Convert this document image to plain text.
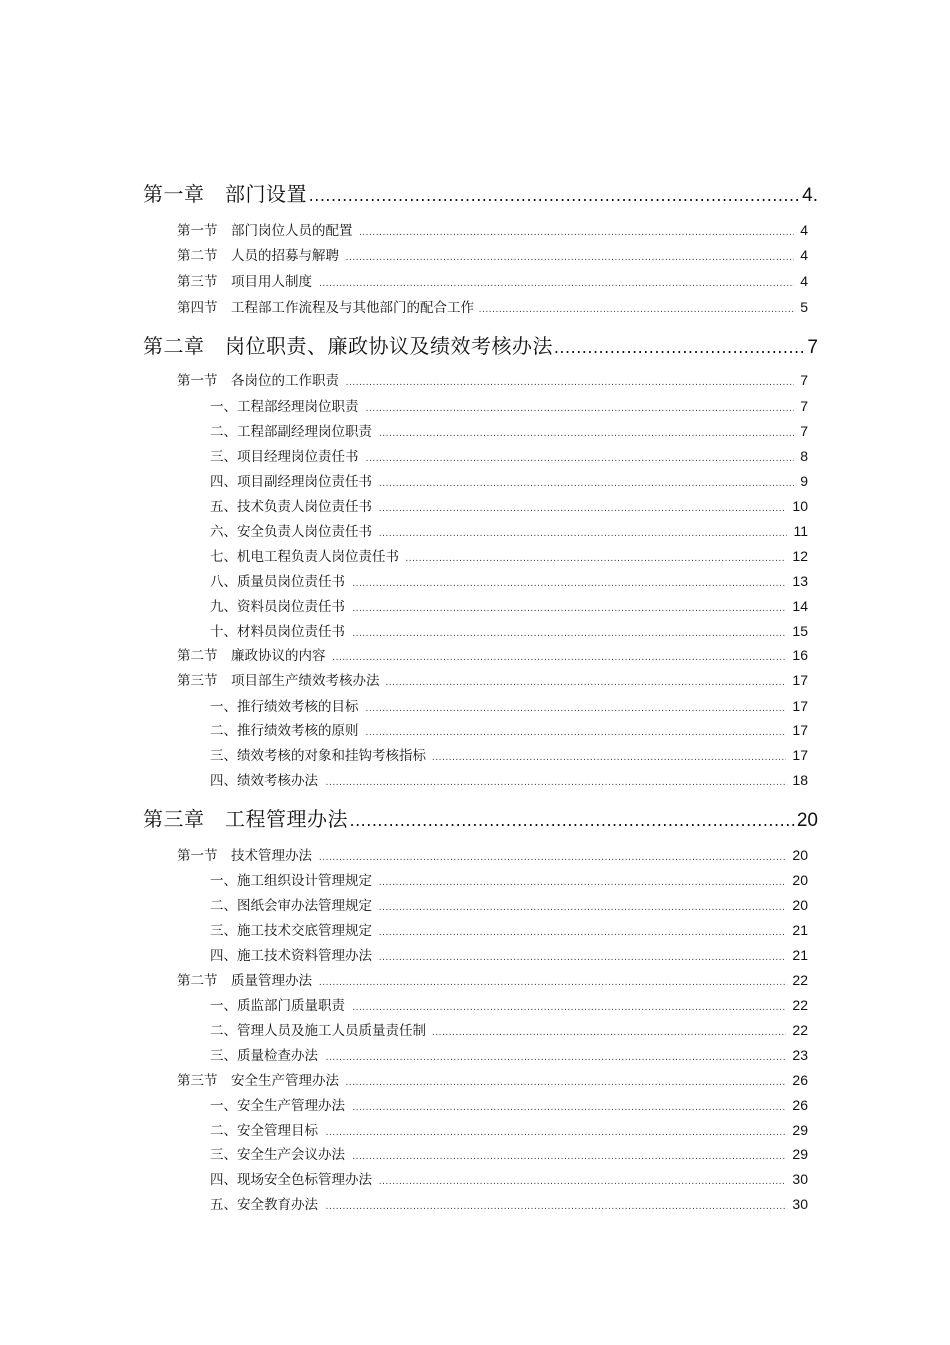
第一章　部门设置 .....	4.
第一节　部门岗位人员的配置 .....	4
第二节　人员的招募与解聘 .....	4
第三节　项目用人制度 .....	4
第四节　工程部工作流程及与其他部门的配合工作 .....	5
第二章　岗位职责、廉政协议及绩效考核办法 .....	7
第一节　各岗位的工作职责 .....	7
一、工程部经理岗位职责 .....	7
二、工程部副经理岗位职责 .....	7
三、项目经理岗位责任书 .....	8
四、项目副经理岗位责任书 .....	9
五、技术负责人岗位责任书 .....	10
六、安全负责人岗位责任书 .....	11
七、机电工程负责人岗位责任书 .....	12
八、质量员岗位责任书 .....	13
九、资料员岗位责任书 .....	14
十、材料员岗位责任书 .....	15
第二节　廉政协议的内容 .....	16
第三节　项目部生产绩效考核办法 .....	17
一、推行绩效考核的目标 .....	17
二、推行绩效考核的原则 .....	17
三、绩效考核的对象和挂钩考核指标 .....	17
四、绩效考核办法 .....	18
第三章　工程管理办法 .....	20
第一节　技术管理办法 .....	20
一、施工组织设计管理规定 .....	20
二、图纸会审办法管理规定 .....	20
三、施工技术交底管理规定 .....	21
四、施工技术资料管理办法 .....	21
第二节　质量管理办法 .....	22
一、质监部门质量职责 .....	22
二、管理人员及施工人员质量责任制 .....	22
三、质量检查办法 .....	23
第三节　安全生产管理办法 .....	26
一、安全生产管理办法 .....	26
二、安全管理目标 .....	29
三、安全生产会议办法 .....	29
四、现场安全色标管理办法 .....	30
五、安全教育办法 .....	30
